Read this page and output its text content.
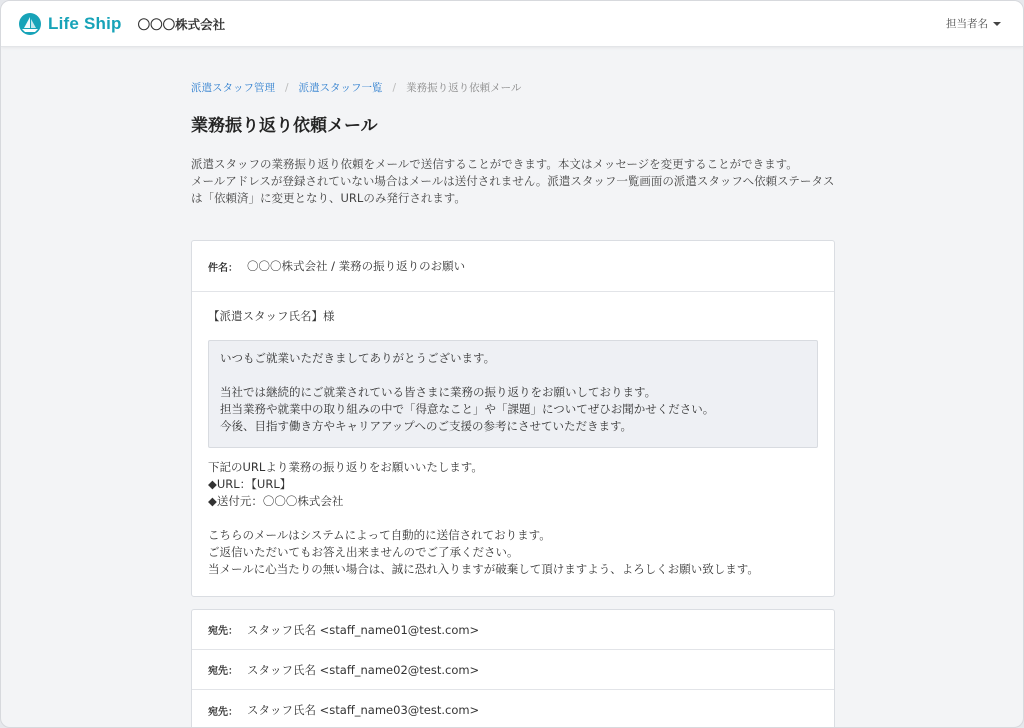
Life Ship 〇〇〇株式会社	担当者名
派遣スタッフ管理 / 派遣スタッフ一覧 / 業務振り返り依頼メール
業務振り返り依頼メール
派遣スタッフの業務振り返り依頼をメールで送信することができます。本文はメッセージを変更することができます。
メールアドレスが登録されていない場合はメールは送付されません。派遣スタッフ一覧画面の派遣スタッフへ依頼ステータス
は「依頼済」に変更となり、URLのみ発行されます。
件名： 〇〇〇株式会社 / 業務の振り返りのお願い
【派遣スタッフ氏名】様
いつもご就業いただきましてありがとうございます。
当社では継続的にご就業されている皆さまに業務の振り返りをお願いしております。
担当業務や就業中の取り組みの中で「得意なこと」や「課題」についてぜひお聞かせください。
今後、目指す働き方やキャリアアップへのご支援の参考にさせていただきます。
下記のURLより業務の振り返りをお願いいたします。
◆URL：【URL】
◆送付元：〇〇〇株式会社
こちらのメールはシステムによって自動的に送信されております。
ご返信いただいてもお答え出来ませんのでご了承ください。
当メールに心当たりの無い場合は、誠に恐れ入りますが破棄して頂けますよう、よろしくお願い致します。
宛先： スタッフ氏名 <staff_name01@test.com>
宛先： スタッフ氏名 <staff_name02@test.com>
宛先： スタッフ氏名 <staff_name03@test.com>
